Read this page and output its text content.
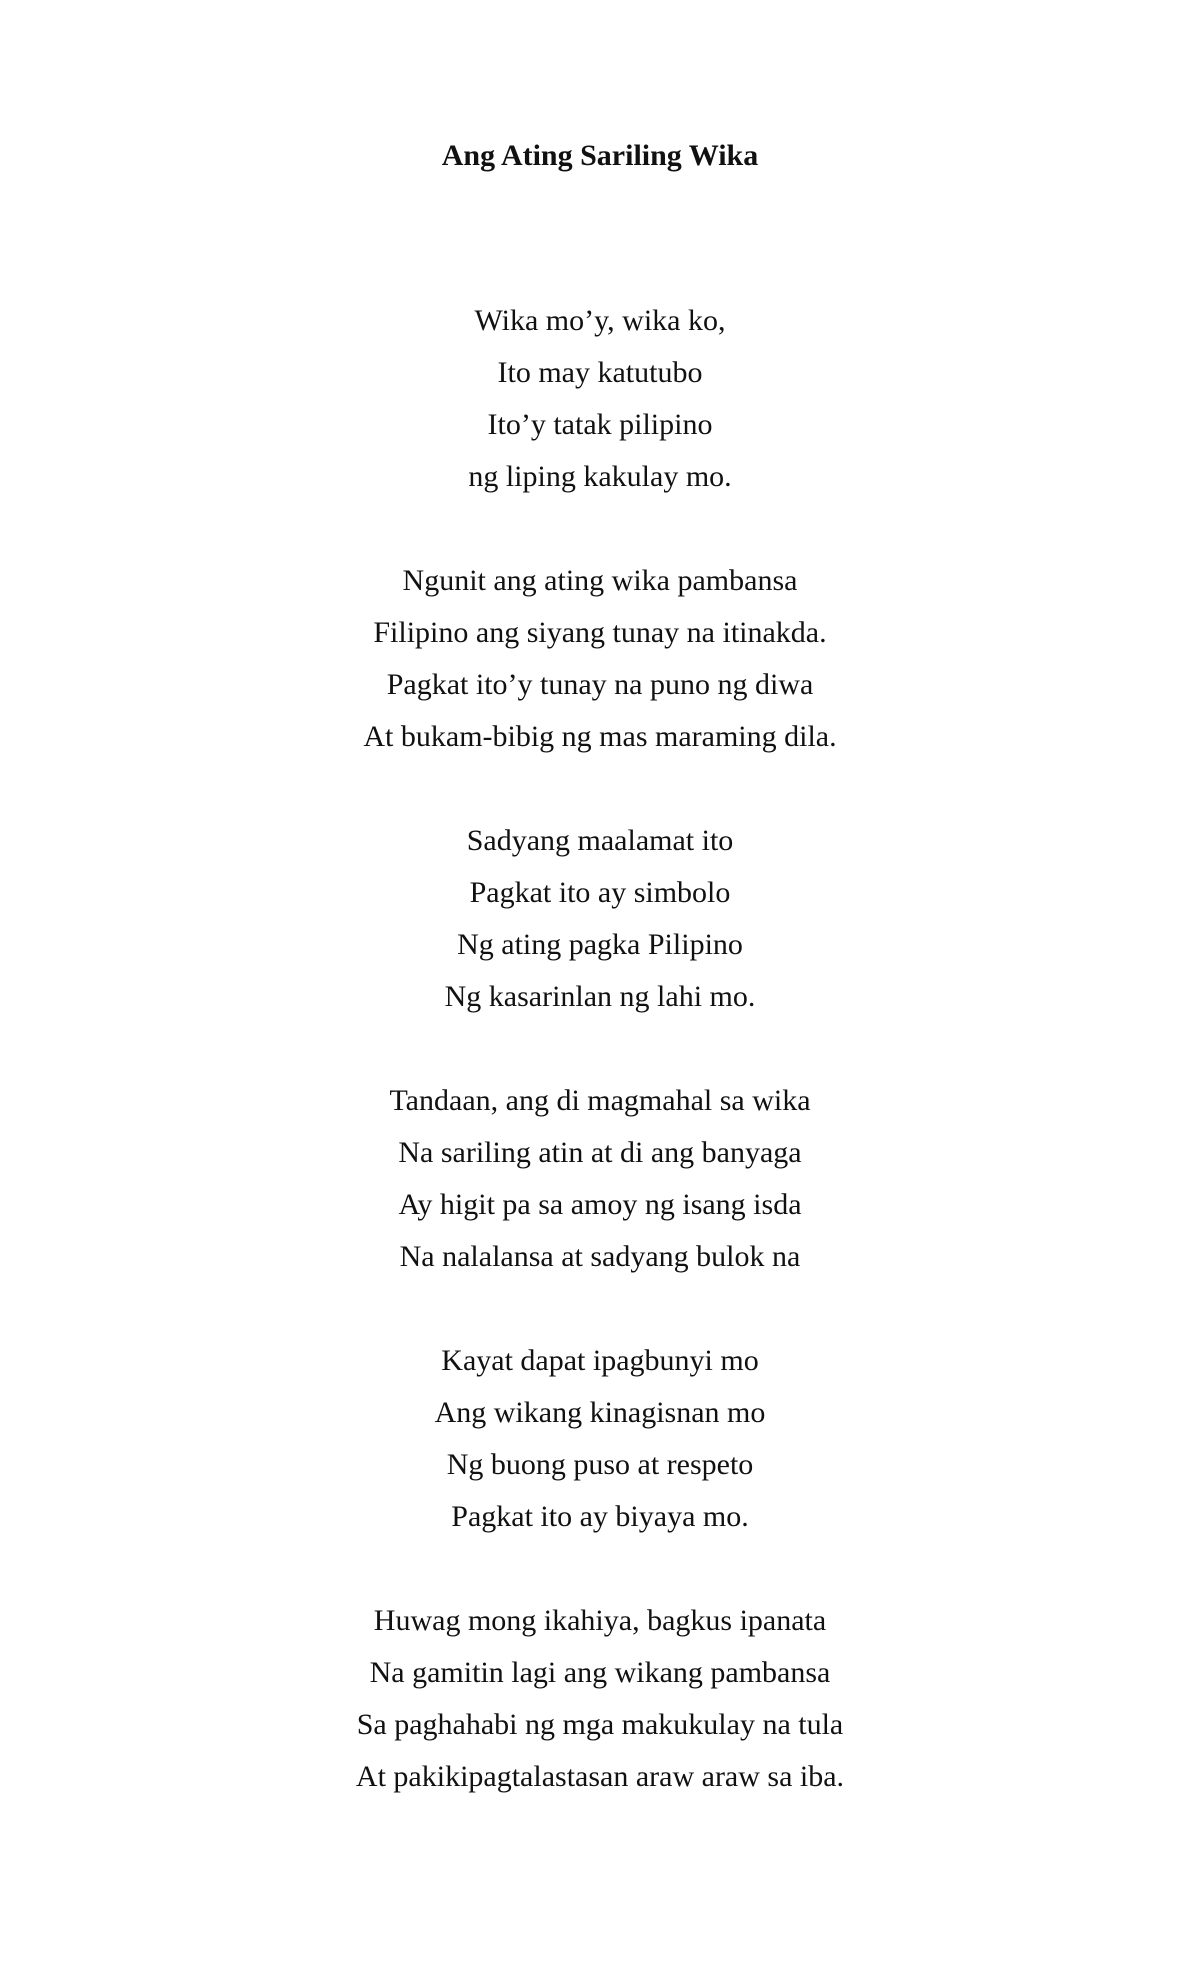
Ang Ating Sariling Wika
Wika mo’y, wika ko,
Ito may katutubo
Ito’y tatak pilipino
ng liping kakulay mo.
Ngunit ang ating wika pambansa
Filipino ang siyang tunay na itinakda.
Pagkat ito’y tunay na puno ng diwa
At bukam-bibig ng mas maraming dila.
Sadyang maalamat ito
Pagkat ito ay simbolo
Ng ating pagka Pilipino
Ng kasarinlan ng lahi mo.
Tandaan, ang di magmahal sa wika
Na sariling atin at di ang banyaga
Ay higit pa sa amoy ng isang isda
Na nalalansa at sadyang bulok na
Kayat dapat ipagbunyi mo
Ang wikang kinagisnan mo
Ng buong puso at respeto
Pagkat ito ay biyaya mo.
Huwag mong ikahiya, bagkus ipanata
Na gamitin lagi ang wikang pambansa
Sa paghahabi ng mga makukulay na tula
At pakikipagtalastasan araw araw sa iba.
